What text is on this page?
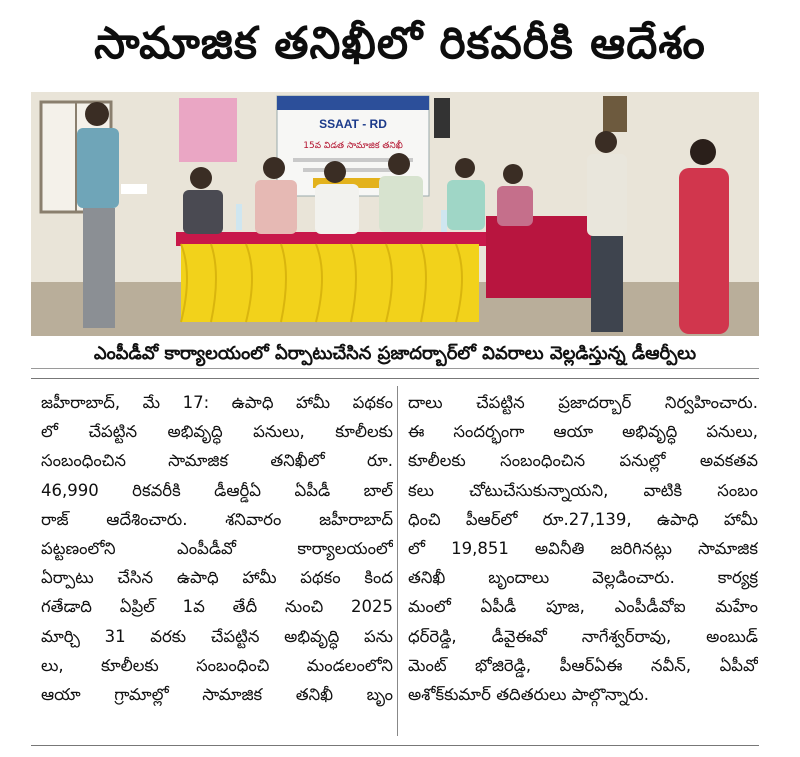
సామాజిక తనిఖీలో రికవరీకి ఆదేశం
SSAAT - RD
15వ విడత సామాజిక తనిఖీ
ఎంపీడీవో కార్యాలయంలో ఏర్పాటుచేసిన ప్రజాదర్బార్‌లో వివరాలు వెల్లడిస్తున్న డీఆర్పీలు
జహీరాబాద్, మే 17: ఉపాధి హామీ పథకం
లో చేపట్టిన అభివృద్ధి పనులు, కూలీలకు
సంబంధించిన సామాజిక తనిఖీలో రూ.
46,990 రికవరీకి డీఆర్డీఏ ఏపీడీ బాల్
రాజ్ ఆదేశించారు. శనివారం జహీరాబాద్
పట్టణంలోని ఎంపీడీవో కార్యాలయంలో
ఏర్పాటు చేసిన ఉపాధి హామీ పథకం కింద
గతేడాది ఏప్రిల్ 1వ తేదీ నుంచి 2025
మార్చి 31 వరకు చేపట్టిన అభివృద్ధి పను
లు, కూలీలకు సంబంధించి మండలంలోని
ఆయా గ్రామాల్లో సామాజిక తనిఖీ బృం
దాలు చేపట్టిన ప్రజాదర్బార్ నిర్వహించారు.
ఈ సందర్భంగా ఆయా అభివృద్ధి పనులు,
కూలీలకు సంబంధించిన పనుల్లో అవకతవ
కలు చోటుచేసుకున్నాయని, వాటికి సంబం
ధించి పీఆర్‌లో రూ.27,139, ఉపాధి హామీ
లో 19,851 అవినీతి జరిగినట్లు సామాజిక
తనిఖీ బృందాలు వెల్లడించారు. కార్యక్ర
మంలో ఏపీడీ పూజ, ఎంపీడీవోఐ మహేం
ధర్‌రెడ్డి, డీవైఈవో నాగేశ్వర్‌రావు, అంబుడ్
మెంట్ భోజిరెడ్డి, పీఆర్‌ఏఈ నవీన్, ఏపీవో
అశోక్‌కుమార్ తదితరులు పాల్గొన్నారు.
